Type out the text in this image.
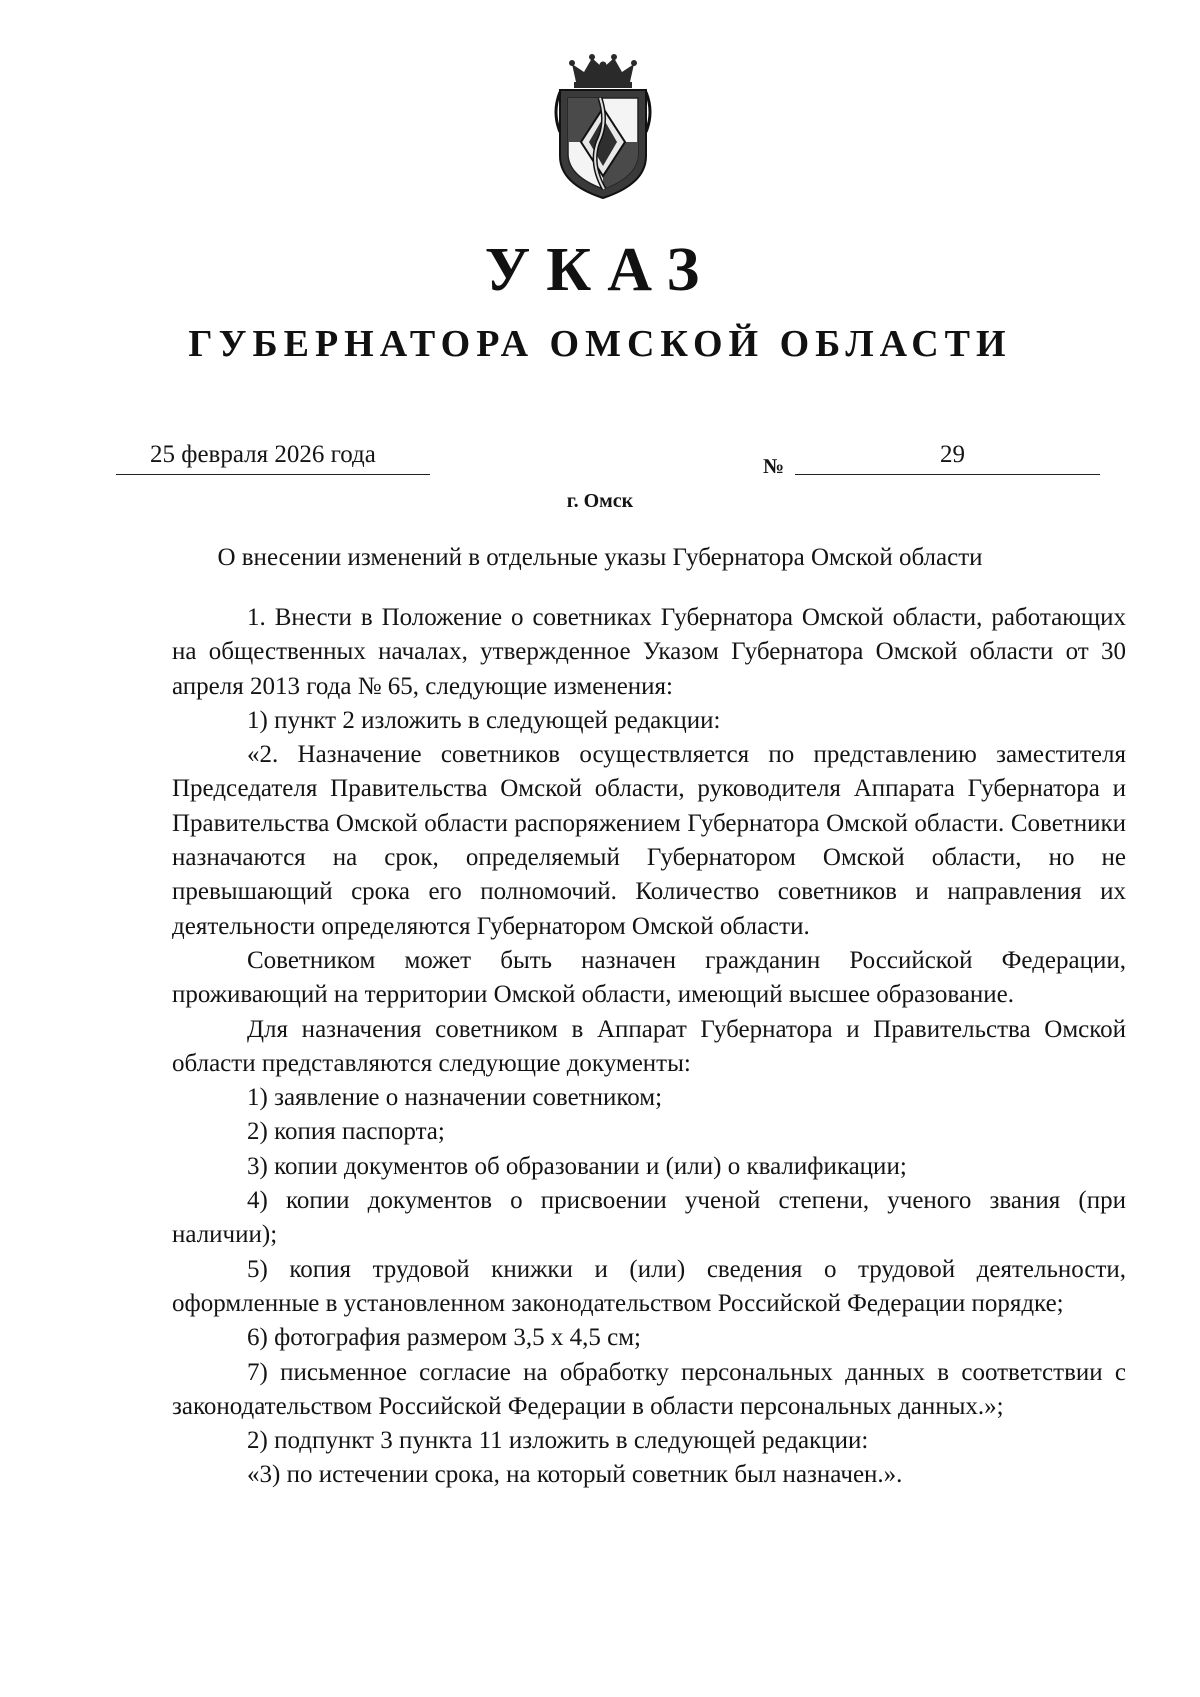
УКАЗ
ГУБЕРНАТОРА ОМСКОЙ ОБЛАСТИ
25 февраля 2026 года	№	29
г. Омск
О внесении изменений в отдельные указы Губернатора Омской области

1. Внести в Положение о советниках Губернатора Омской области, работающих на общественных началах, утвержденное Указом Губернатора Омской области от 30 апреля 2013 года № 65, следующие изменения:

1) пункт 2 изложить в следующей редакции:

«2. Назначение советников осуществляется по представлению заместителя Председателя Правительства Омской области, руководителя Аппарата Губернатора и Правительства Омской области распоряжением Губернатора Омской области. Советники назначаются на срок, определяемый Губернатором Омской области, но не превышающий срока его полномочий. Количество советников и направления их деятельности определяются Губернатором Омской области.

Советником может быть назначен гражданин Российской Федерации, проживающий на территории Омской области, имеющий высшее образование.

Для назначения советником в Аппарат Губернатора и Правительства Омской области представляются следующие документы:

1) заявление о назначении советником;

2) копия паспорта;

3) копии документов об образовании и (или) о квалификации;

4) копии документов о присвоении ученой степени, ученого звания (при наличии);

5) копия трудовой книжки и (или) сведения о трудовой деятельности, оформленные в установленном законодательством Российской Федерации порядке;

6) фотография размером 3,5 х 4,5 см;

7) письменное согласие на обработку персональных данных в соответствии с законодательством Российской Федерации в области персональных данных.»;

2) подпункт 3 пункта 11 изложить в следующей редакции:

«3) по истечении срока, на который советник был назначен.».
